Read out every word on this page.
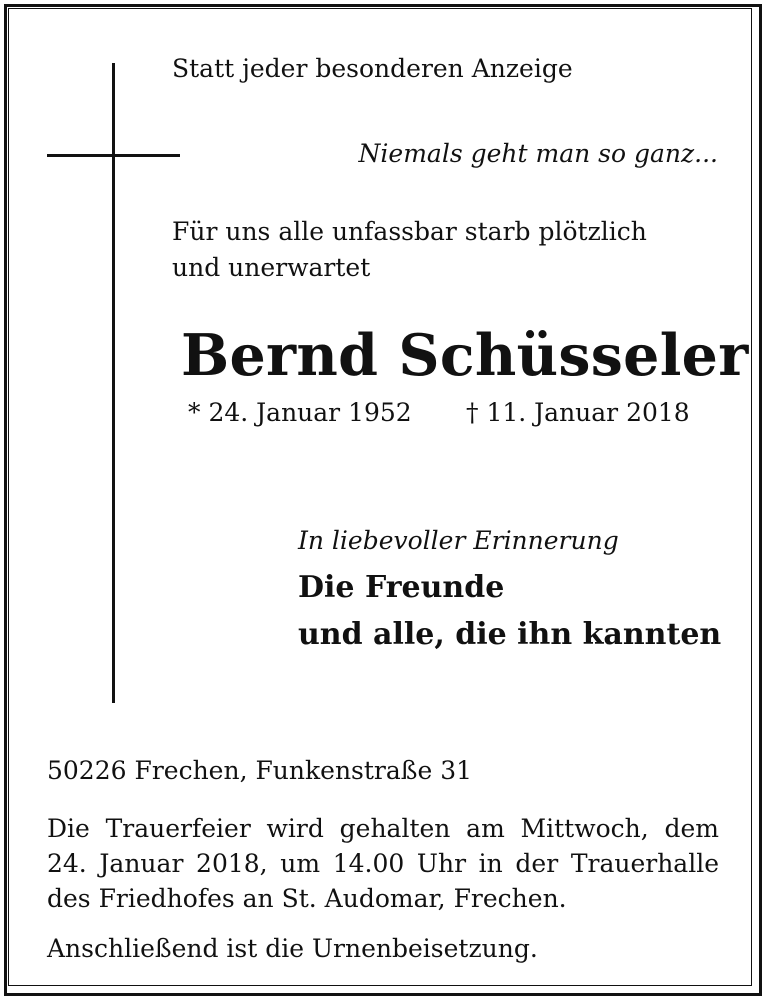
Statt jeder besonderen Anzeige
Niemals geht man so ganz...
Für uns alle unfassbar starb plötzlich
und unerwartet
Bernd Schüsseler
* 24. Januar 1952 † 11. Januar 2018
In liebevoller Erinnerung
Die Freunde
und alle, die ihn kannten
50226 Frechen, Funkenstraße 31
Die Trauerfeier wird gehalten am Mittwoch, dem
24. Januar 2018, um 14.00 Uhr in der Trauerhalle
des Friedhofes an St. Audomar, Frechen.
Anschließend ist die Urnenbeisetzung.
